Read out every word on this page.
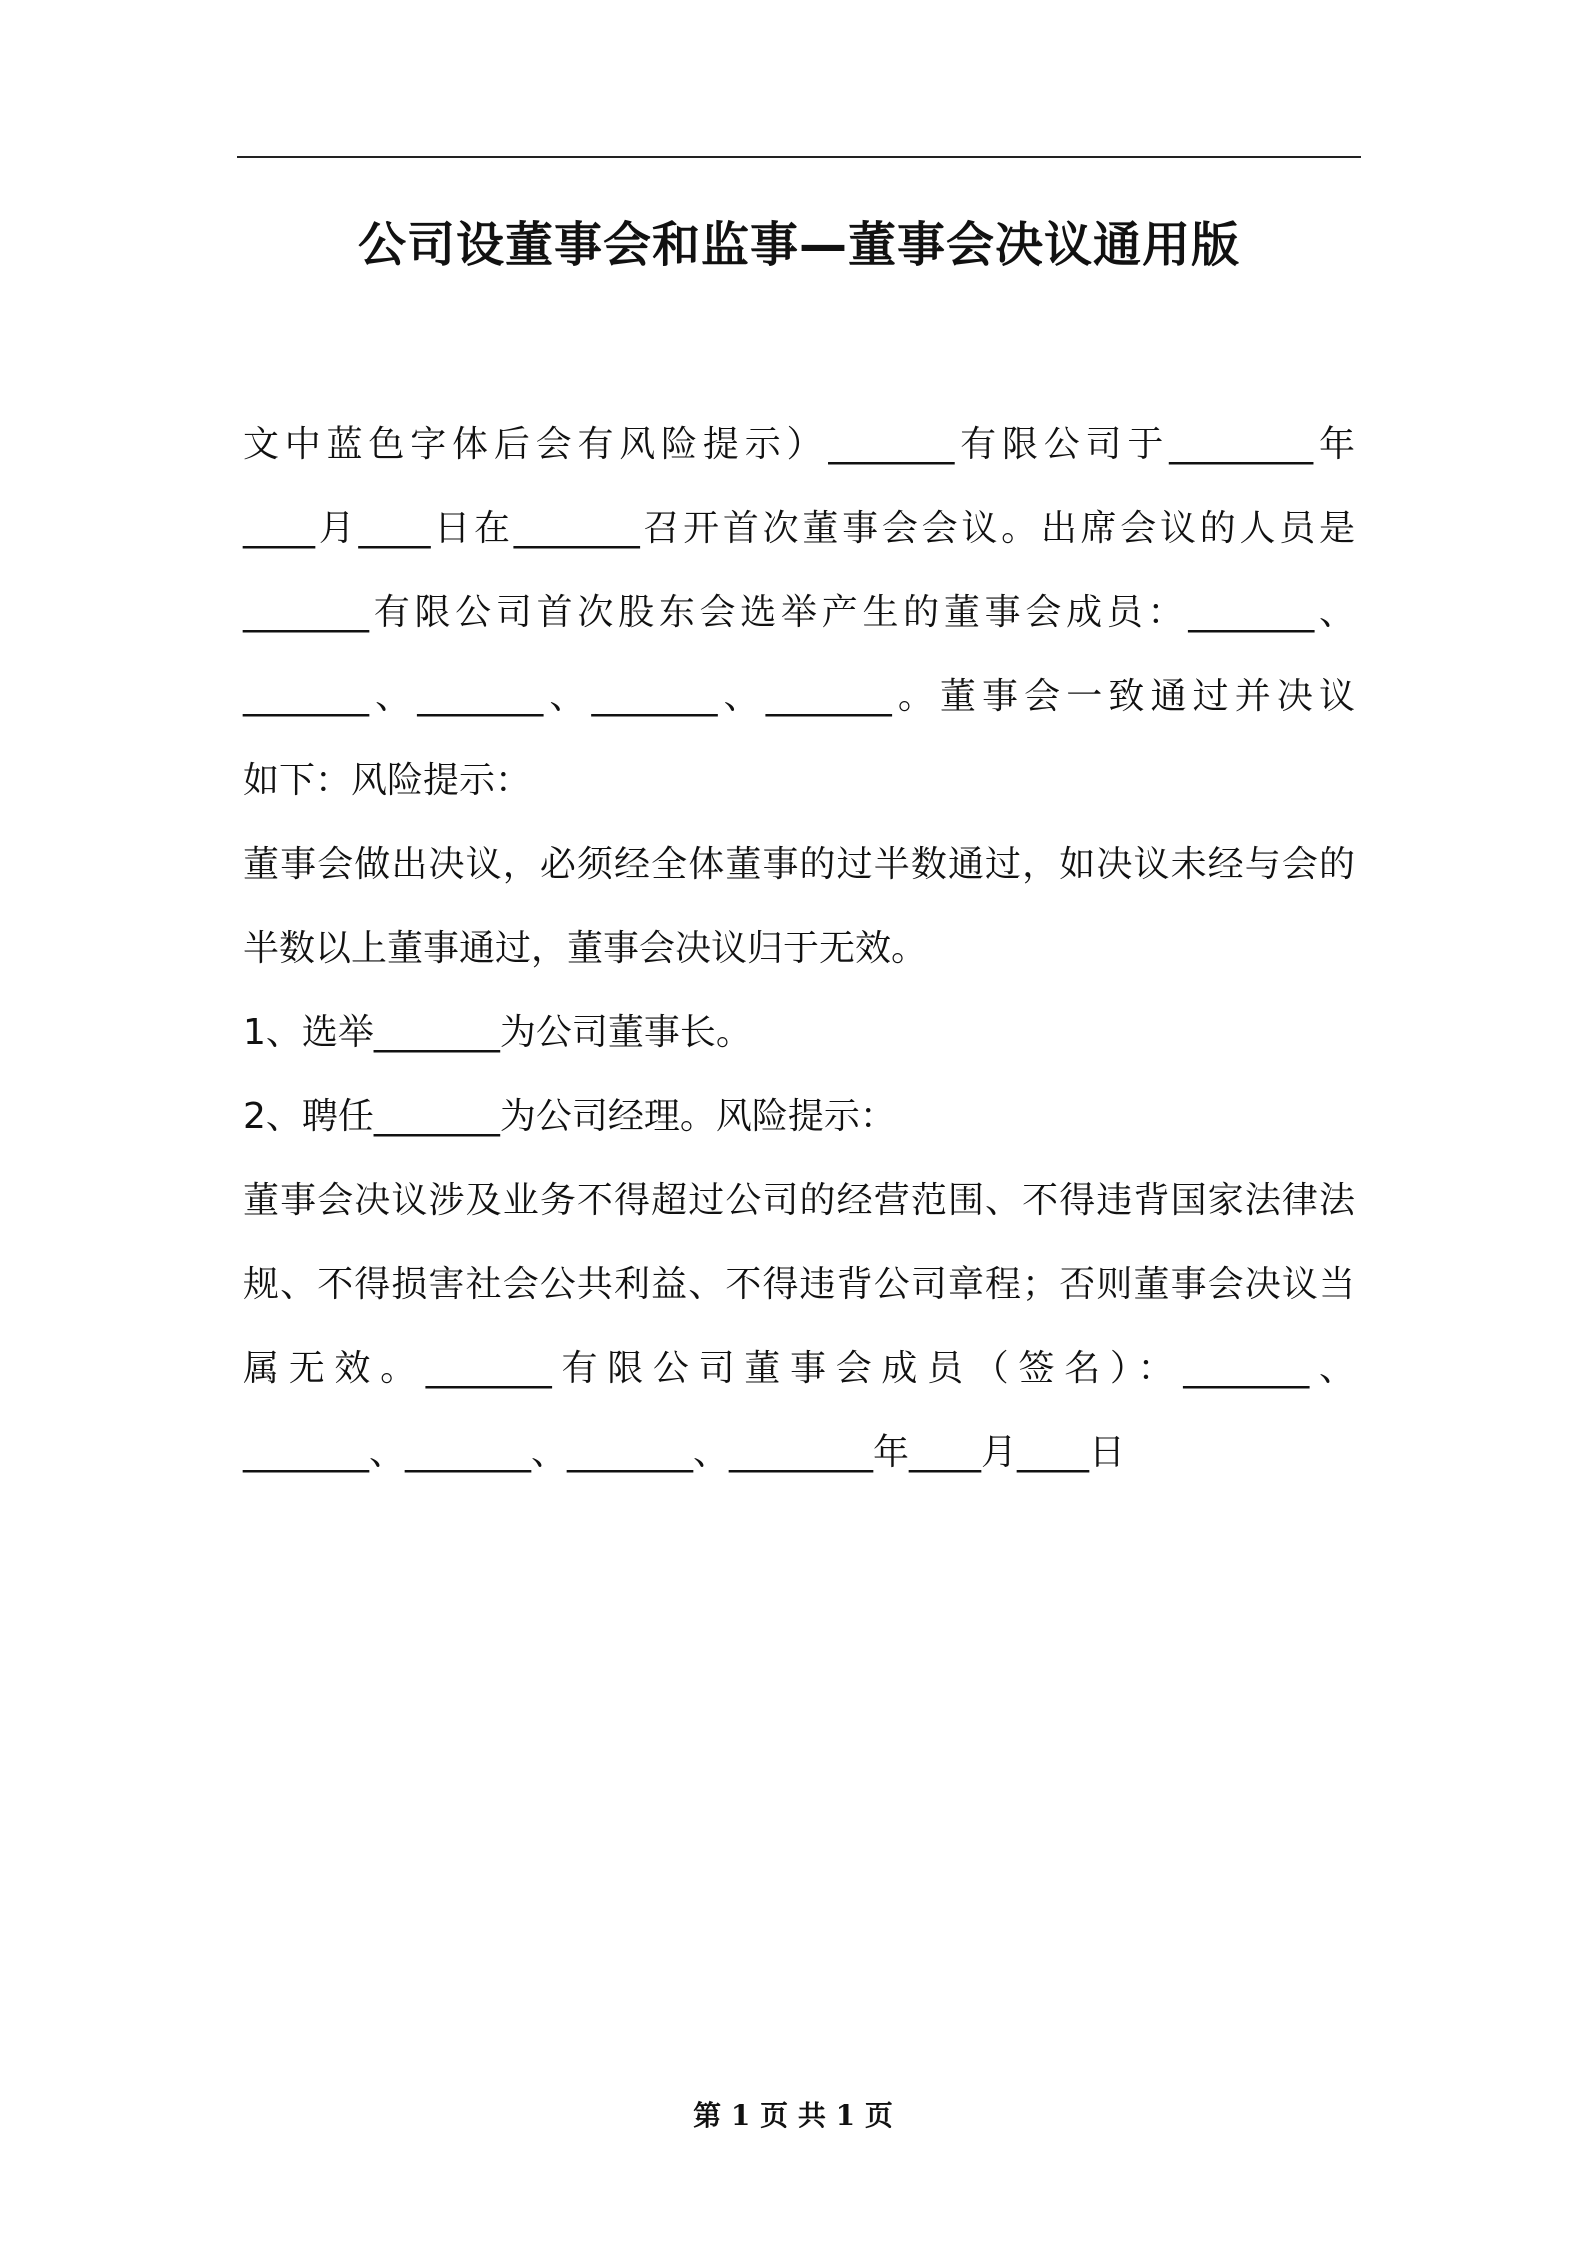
公司设董事会和监事—董事会决议通用版
文中蓝色字体后会有风险提示）_______有限公司于________年
____月____日在_______召开首次董事会会议。出席会议的人员是
_______有限公司首次股东会选举产生的董事会成员：_______、
_______、_______、_______、_______。董事会一致通过并决议
如下：风险提示：
董事会做出决议，必须经全体董事的过半数通过，如决议未经与会的
半数以上董事通过，董事会决议归于无效。
1、选举_______为公司董事长。
2、聘任_______为公司经理。风险提示：
董事会决议涉及业务不得超过公司的经营范围、不得违背国家法律法
规、不得损害社会公共利益、不得违背公司章程；否则董事会决议当
属无效。_______有限公司董事会成员（签名）：_______、
_______、_______、_______、________年____月____日
第 1 页 共 1 页
